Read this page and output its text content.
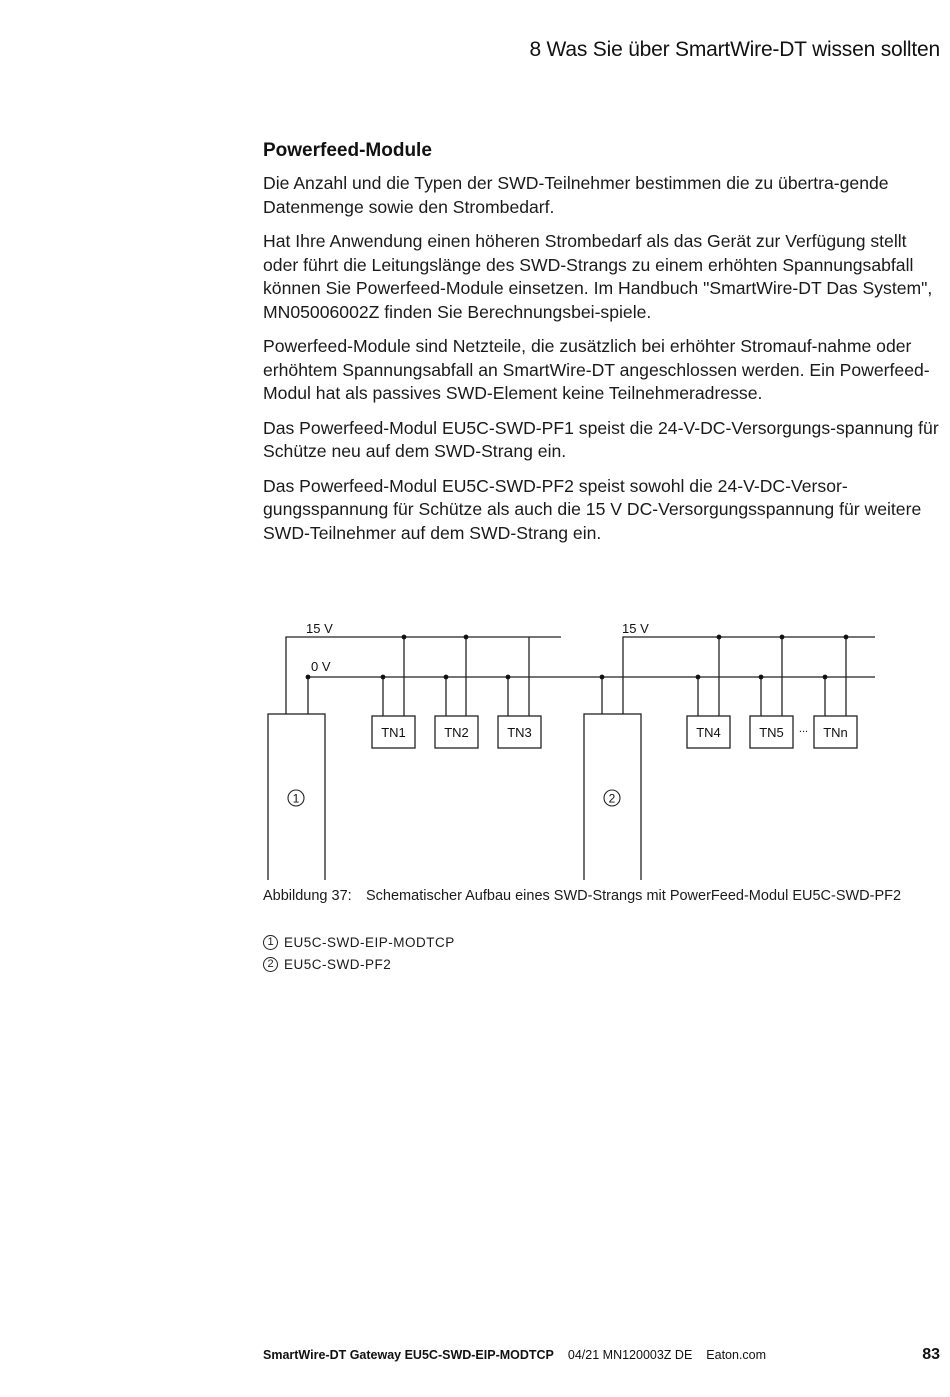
8 Was Sie über SmartWire-DT wissen sollten
Powerfeed-Module

Die Anzahl und die Typen der SWD-Teilnehmer bestimmen die zu übertra-gende Datenmenge sowie den Strombedarf.

Hat Ihre Anwendung einen höheren Strombedarf als das Gerät zur Verfügung stellt oder führt die Leitungslänge des SWD-Strangs zu einem erhöhten Spannungsabfall können Sie Powerfeed-Module einsetzen. Im Handbuch "SmartWire-DT Das System", MN05006002Z finden Sie Berechnungsbei-spiele.

Powerfeed-Module sind Netzteile, die zusätzlich bei erhöhter Stromauf-nahme oder erhöhtem Spannungsabfall an SmartWire-DT angeschlossen werden. Ein Powerfeed-Modul hat als passives SWD-Element keine Teilnehmeradresse.

Das Powerfeed-Modul EU5C-SWD-PF1 speist die 24-V-DC-Versorgungs-spannung für Schütze neu auf dem SWD-Strang ein.

Das Powerfeed-Modul EU5C-SWD-PF2 speist sowohl die 24-V-DC-Versor-gungsspannung für Schütze als auch die 15 V DC-Versorgungsspannung für weitere SWD-Teilnehmer auf dem SWD-Strang ein.

15 V
0 V
15 V
TN1	TN2	TN3	TN4	TN5	TNn
...
1	2
Abbildung 37: Schematischer Aufbau eines SWD-Strangs mit PowerFeed-Modul EU5C-SWD-PF2
1 EU5C-SWD-EIP-MODTCP
2 EU5C-SWD-PF2
SmartWire-DT Gateway EU5C-SWD-EIP-MODTCP 04/21 MN120003Z DE Eaton.com	83
